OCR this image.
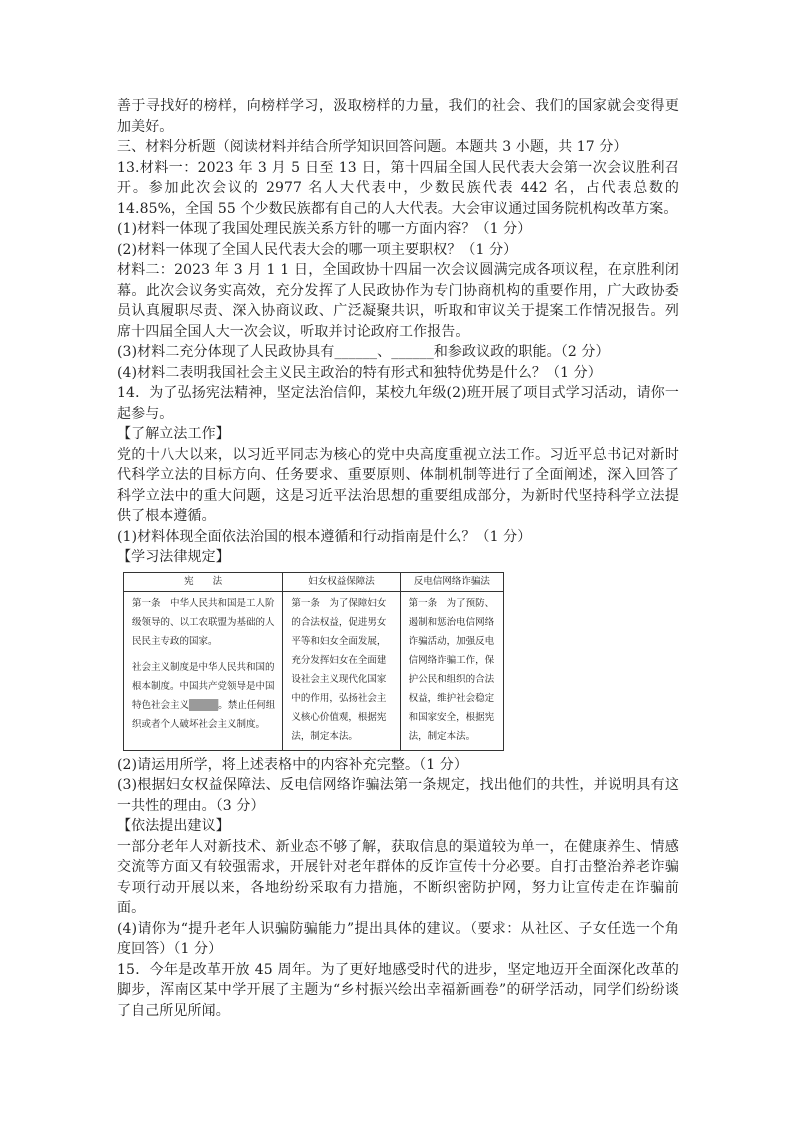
善于寻找好的榜样，向榜样学习，汲取榜样的力量，我们的社会、我们的国家就会变得更加美好。

三、材料分析题（阅读材料并结合所学知识回答问题。本题共 3 小题，共 17 分）

13.材料一：2023 年 3 月 5 日至 13 日，第十四届全国人民代表大会第一次会议胜利召开。参加此次会议的 2977 名人大代表中，少数民族代表 442 名，占代表总数的 14.85%，全国 55 个少数民族都有自己的人大代表。大会审议通过国务院机构改革方案。

(1)材料一体现了我国处理民族关系方针的哪一方面内容？（1 分）

(2)材料一体现了全国人民代表大会的哪一项主要职权？（1 分）

材料二：2023 年 3 月 1 1 日，全国政协十四届一次会议圆满完成各项议程，在京胜利闭幕。此次会议务实高效，充分发挥了人民政协作为专门协商机构的重要作用，广大政协委员认真履职尽责、深入协商议政、广泛凝聚共识，听取和审议关于提案工作情况报告。列席十四届全国人大一次会议，听取并讨论政府工作报告。

(3)材料二充分体现了人民政协具有______、______和参政议政的职能。（2 分）

(4)材料二表明我国社会主义民主政治的特有形式和独特优势是什么？（1 分）

14．为了弘扬宪法精神，坚定法治信仰，某校九年级(2)班开展了项目式学习活动，请你一起参与。

【了解立法工作】

党的十八大以来，以习近平同志为核心的党中央高度重视立法工作。习近平总书记对新时代科学立法的目标方向、任务要求、重要原则、体制机制等进行了全面阐述，深入回答了科学立法中的重大问题，这是习近平法治思想的重要组成部分，为新时代坚持科学立法提供了根本遵循。

(1)材料体现全面依法治国的根本遵循和行动指南是什么？（1 分）

【学习法律规定】

宪　　法	妇女权益保障法	反电信网络诈骗法

第一条　中华人民共和国是工人阶级领导的、以工农联盟为基础的人民民主专政的国家。
社会主义制度是中华人民共和国的根本制度。中国共产党领导是中国特色社会主义████。禁止任何组织或者个人破坏社会主义制度。	第一条　为了保障妇女的合法权益，促进男女平等和妇女全面发展，充分发挥妇女在全面建设社会主义现代化国家中的作用，弘扬社会主义核心价值观，根据宪法，制定本法。	第一条　为了预防、遏制和惩治电信网络诈骗活动，加强反电信网络诈骗工作，保护公民和组织的合法权益，维护社会稳定和国家安全，根据宪法，制定本法。

(2)请运用所学，将上述表格中的内容补充完整。（1 分）

(3)根据妇女权益保障法、反电信网络诈骗法第一条规定，找出他们的共性，并说明具有这一共性的理由。（3 分）

【依法提出建议】

一部分老年人对新技术、新业态不够了解，获取信息的渠道较为单一，在健康养生、情感交流等方面又有较强需求，开展针对老年群体的反诈宣传十分必要。自打击整治养老诈骗专项行动开展以来，各地纷纷采取有力措施，不断织密防护网，努力让宣传走在诈骗前面。

(4)请你为“提升老年人识骗防骗能力”提出具体的建议。（要求：从社区、子女任选一个角度回答）（1 分）

15．今年是改革开放 45 周年。为了更好地感受时代的进步，坚定地迈开全面深化改革的脚步，浑南区某中学开展了主题为“乡村振兴绘出幸福新画卷”的研学活动，同学们纷纷谈了自己所见所闻。
